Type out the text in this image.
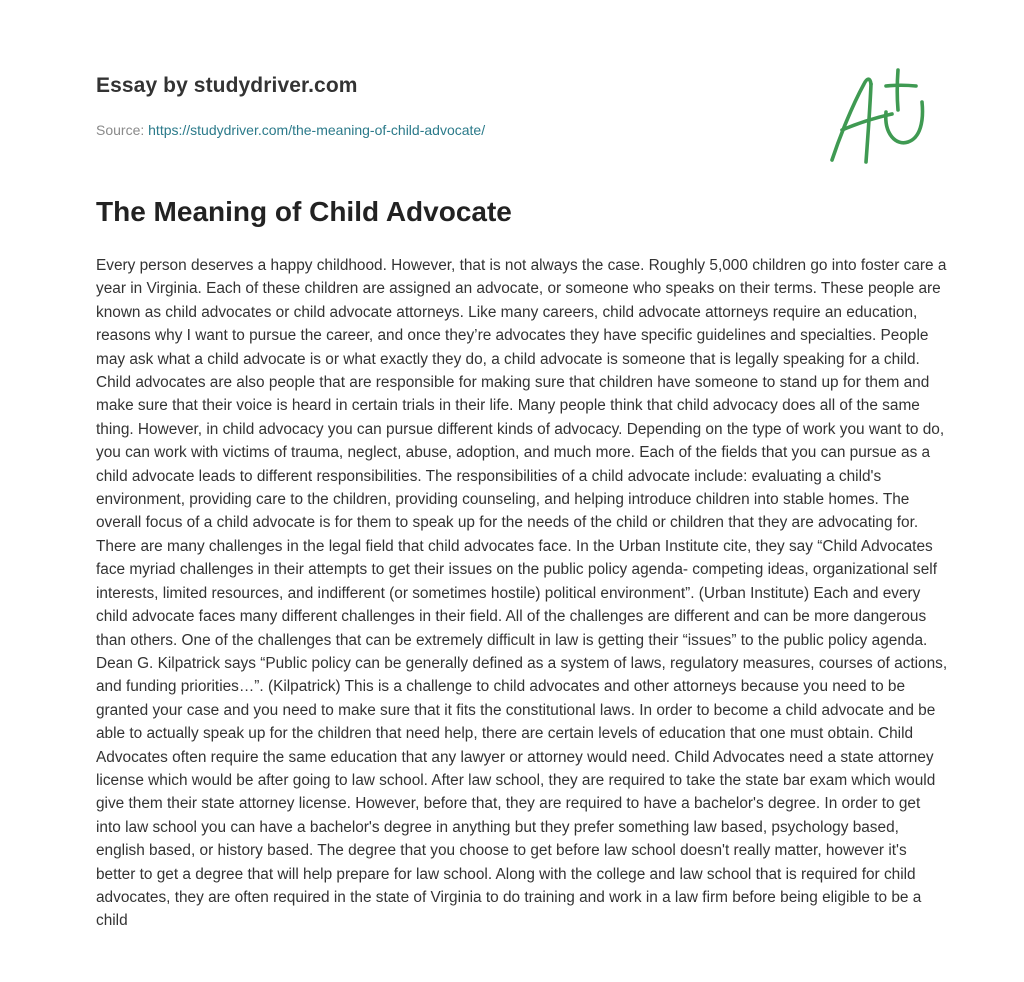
Essay by studydriver.com
Source: https://studydriver.com/the-meaning-of-child-advocate/
The Meaning of Child Advocate

Every person deserves a happy childhood. However, that is not always the case. Roughly 5,000 children go into foster care a year in Virginia. Each of these children are assigned an advocate, or someone who speaks on their terms. These people are known as child advocates or child advocate attorneys. Like many careers, child advocate attorneys require an education, reasons why I want to pursue the career, and once they’re advocates they have specific guidelines and specialties. People may ask what a child advocate is or what exactly they do, a child advocate is someone that is legally speaking for a child. Child advocates are also people that are responsible for making sure that children have someone to stand up for them and make sure that their voice is heard in certain trials in their life. Many people think that child advocacy does all of the same thing. However, in child advocacy you can pursue different kinds of advocacy. Depending on the type of work you want to do, you can work with victims of trauma, neglect, abuse, adoption, and much more. Each of the fields that you can pursue as a child advocate leads to different responsibilities. The responsibilities of a child advocate include: evaluating a child's environment, providing care to the children, providing counseling, and helping introduce children into stable homes. The overall focus of a child advocate is for them to speak up for the needs of the child or children that they are advocating for. There are many challenges in the legal field that child advocates face. In the Urban Institute cite, they say “Child Advocates face myriad challenges in their attempts to get their issues on the public policy agenda- competing ideas, organizational self interests, limited resources, and indifferent (or sometimes hostile) political environment”. (Urban Institute) Each and every child advocate faces many different challenges in their field. All of the challenges are different and can be more dangerous than others. One of the challenges that can be extremely difficult in law is getting their “issues” to the public policy agenda. Dean G. Kilpatrick says “Public policy can be generally defined as a system of laws, regulatory measures, courses of actions, and funding priorities…”. (Kilpatrick) This is a challenge to child advocates and other attorneys because you need to be granted your case and you need to make sure that it fits the constitutional laws. In order to become a child advocate and be able to actually speak up for the children that need help, there are certain levels of education that one must obtain. Child Advocates often require the same education that any lawyer or attorney would need. Child Advocates need a state attorney license which would be after going to law school. After law school, they are required to take the state bar exam which would give them their state attorney license. However, before that, they are required to have a bachelor's degree. In order to get into law school you can have a bachelor's degree in anything but they prefer something law based, psychology based, english based, or history based. The degree that you choose to get before law school doesn't really matter, however it's better to get a degree that will help prepare for law school. Along with the college and law school that is required for child advocates, they are often required in the state of Virginia to do training and work in a law firm before being eligible to be a child
